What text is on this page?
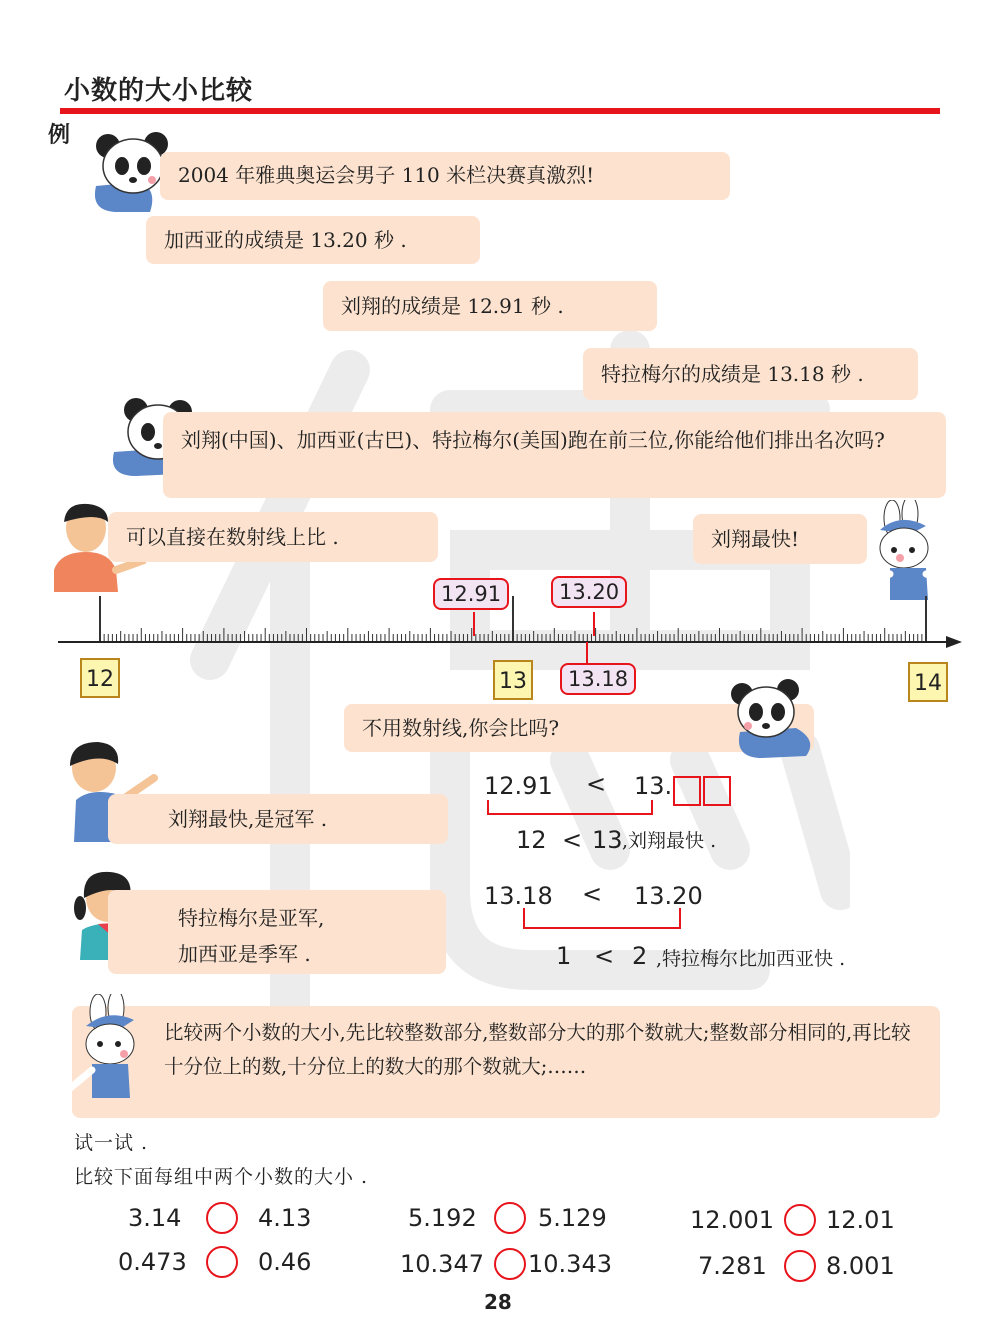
小数的大小比较
例
2004 年雅典奥运会男子 110 米栏决赛真激烈!
加西亚的成绩是 13.20 秒 .
刘翔的成绩是 12.91 秒 .
特拉梅尔的成绩是 13.18 秒 .
刘翔(中国)、加西亚(古巴)、特拉梅尔(美国)跑在前三位,你能给他们排出名次吗?
可以直接在数射线上比 .	刘翔最快!
12	13	14
12.91	13.20
13.18
不用数射线,你会比吗?
刘翔最快,是冠军 .
12.91 < 13.
12 < 13 ,刘翔最快 .
特拉梅尔是亚军,
加西亚是季军 .
13.18 < 13.20
1 < 2 ,特拉梅尔比加西亚快 .
比较两个小数的大小,先比较整数部分,整数部分大的那个数就大;整数部分相同的,再比较十分位上的数,十分位上的数大的那个数就大;……
试一试 .
比较下面每组中两个小数的大小 .
3.14	4.13	5.192	5.129	12.001 12.01
0.473	0.46	10.347 10.343	7.281 8.001
28
